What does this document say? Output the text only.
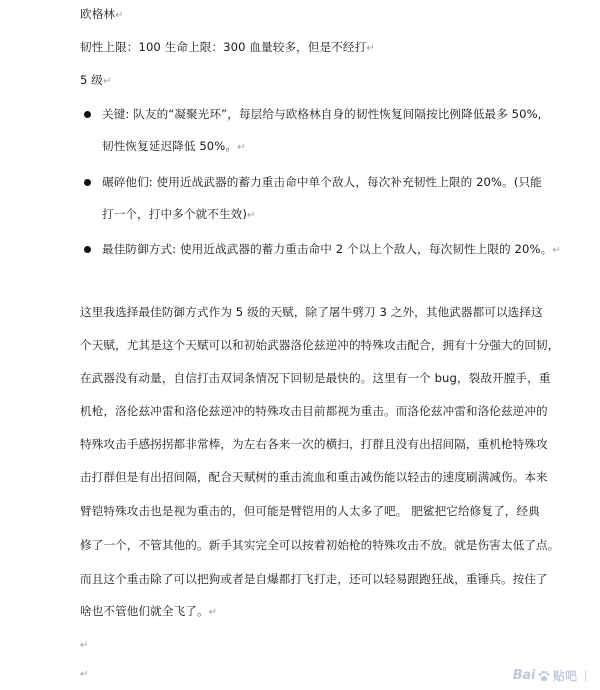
欧格林↵
韧性上限：100 生命上限：300 血量较多，但是不经打↵
5 级↵
关键: 队友的“凝聚光环”，每层给与欧格林自身的韧性恢复间隔按比例降低最多 50%,
韧性恢复延迟降低 50%。↵
碾碎他们: 使用近战武器的蓄力重击命中单个敌人，每次补充韧性上限的 20%。(只能
打一个，打中多个就不生效)↵
最佳防御方式: 使用近战武器的蓄力重击命中 2 个以上个敌人，每次韧性上限的 20%。↵
这里我选择最佳防御方式作为 5 级的天赋，除了屠牛劈刀 3 之外，其他武器都可以选择这
个天赋，尤其是这个天赋可以和初始武器洛伦兹逆冲的特殊攻击配合，拥有十分强大的回韧，
在武器没有动量，自信打击双词条情况下回韧是最快的。这里有一个 bug，裂敌开膛手，重
机枪，洛伦兹冲雷和洛伦兹逆冲的特殊攻击目前都视为重击。而洛伦兹冲雷和洛伦兹逆冲的
特殊攻击手感拐拐都非常棒，为左右各来一次的横扫，打群且没有出招间隔，重机枪特殊攻
击打群但是有出招间隔，配合天赋树的重击流血和重击减伤能以轻击的速度刷满减伤。本来
臂铠特殊攻击也是视为重击的，但可能是臂铠用的人太多了吧。 肥鲨把它给修复了，经典
修了一个，不管其他的。新手其实完全可以按着初始枪的特殊攻击不放。就是伤害太低了点。
而且这个重击除了可以把狗或者是自爆都打飞打走，还可以轻易跟跑狂战，重锤兵。按住了
啥也不管他们就全飞了。↵
↵
↵	Bai 贴吧
